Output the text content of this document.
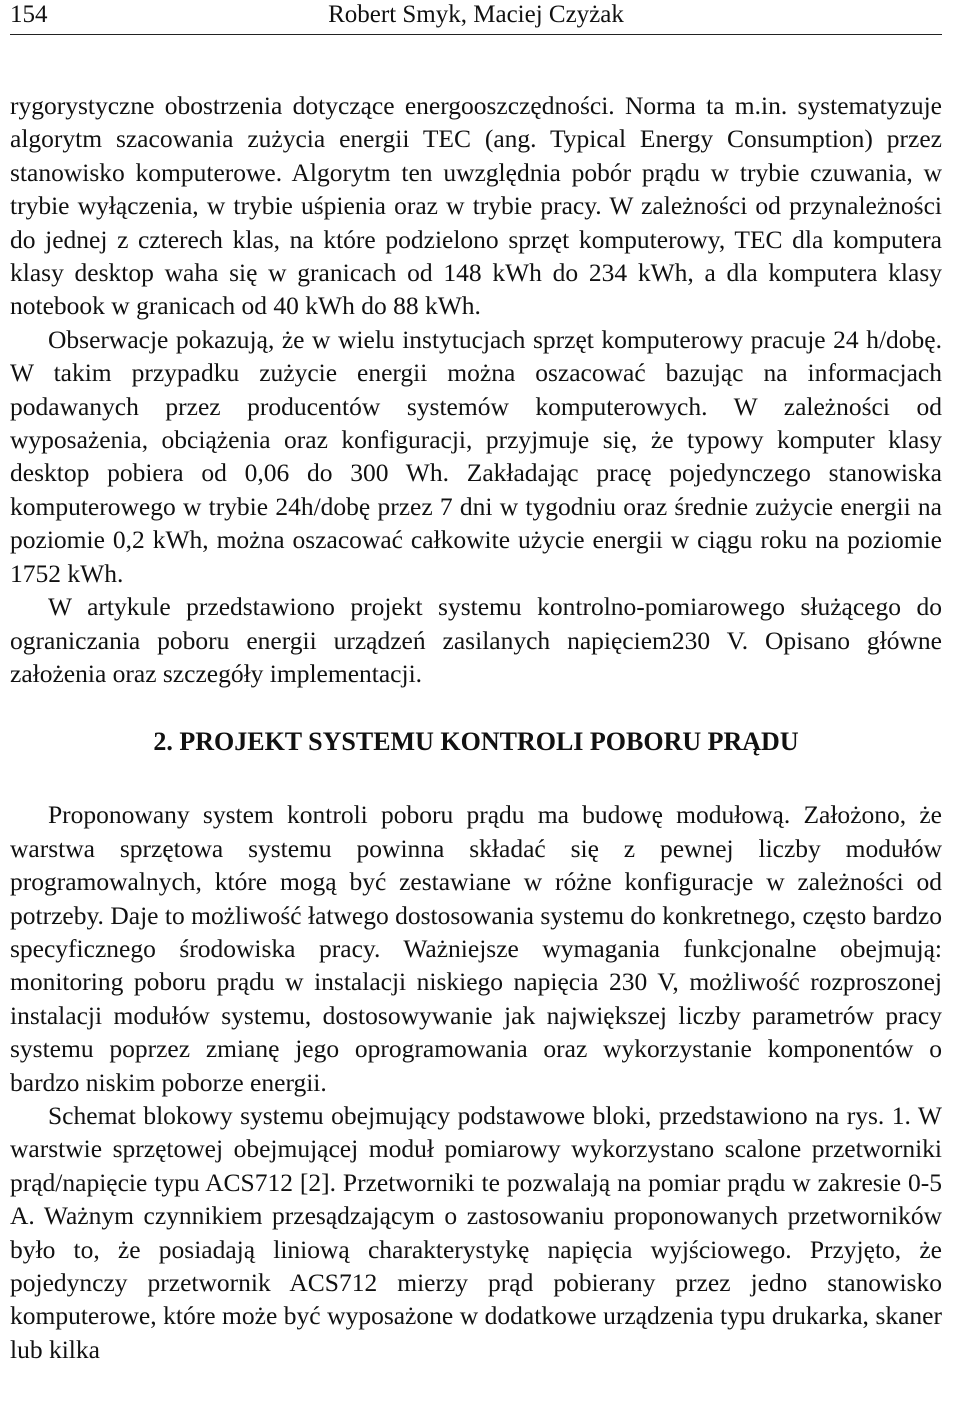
154	Robert Smyk, Maciej Czyżak

rygorystyczne obostrzenia dotyczące energooszczędności. Norma ta m.in. systematyzuje algorytm szacowania zużycia energii TEC (ang. Typical Energy Consumption) przez stanowisko komputerowe. Algorytm ten uwzględnia pobór prądu w trybie czuwania, w trybie wyłączenia, w trybie uśpienia oraz w trybie pracy. W zależności od przynależności do jednej z czterech klas, na które podzielono sprzęt komputerowy, TEC dla komputera klasy desktop waha się w granicach od 148 kWh do 234 kWh, a dla komputera klasy notebook w granicach od 40 kWh do 88 kWh.

Obserwacje pokazują, że w wielu instytucjach sprzęt komputerowy pracuje 24 h/dobę. W takim przypadku zużycie energii można oszacować bazując na informacjach podawanych przez producentów systemów komputerowych. W zależności od wyposażenia, obciążenia oraz konfiguracji, przyjmuje się, że typowy komputer klasy desktop pobiera od 0,06 do 300 Wh. Zakładając pracę pojedynczego stanowiska komputerowego w trybie 24h/dobę przez 7 dni w tygodniu oraz średnie zużycie energii na poziomie 0,2 kWh, można oszacować całkowite użycie energii w ciągu roku na poziomie 1752 kWh.

W artykule przedstawiono projekt systemu kontrolno-pomiarowego służącego do ograniczania poboru energii urządzeń zasilanych napięciem230 V. Opisano główne założenia oraz szczegóły implementacji.

2. PROJEKT SYSTEMU KONTROLI POBORU PRĄDU

Proponowany system kontroli poboru prądu ma budowę modułową. Założono, że warstwa sprzętowa systemu powinna składać się z pewnej liczby modułów programowalnych, które mogą być zestawiane w różne konfiguracje w zależności od potrzeby. Daje to możliwość łatwego dostosowania systemu do konkretnego, często bardzo specyficznego środowiska pracy. Ważniejsze wymagania funkcjonalne obejmują: monitoring poboru prądu w instalacji niskiego napięcia 230 V, możliwość rozproszonej instalacji modułów systemu, dostosowywanie jak największej liczby parametrów pracy systemu poprzez zmianę jego oprogramowania oraz wykorzystanie komponentów o bardzo niskim poborze energii.

Schemat blokowy systemu obejmujący podstawowe bloki, przedstawiono na rys. 1. W warstwie sprzętowej obejmującej moduł pomiarowy wykorzystano scalone przetworniki prąd/napięcie typu ACS712 [2]. Przetworniki te pozwalają na pomiar prądu w zakresie 0-5 A. Ważnym czynnikiem przesądzającym o zastosowaniu proponowanych przetworników było to, że posiadają liniową charakterystykę napięcia wyjściowego. Przyjęto, że pojedynczy przetwornik ACS712 mierzy prąd pobierany przez jedno stanowisko komputerowe, które może być wyposażone w dodatkowe urządzenia typu drukarka, skaner lub kilka
